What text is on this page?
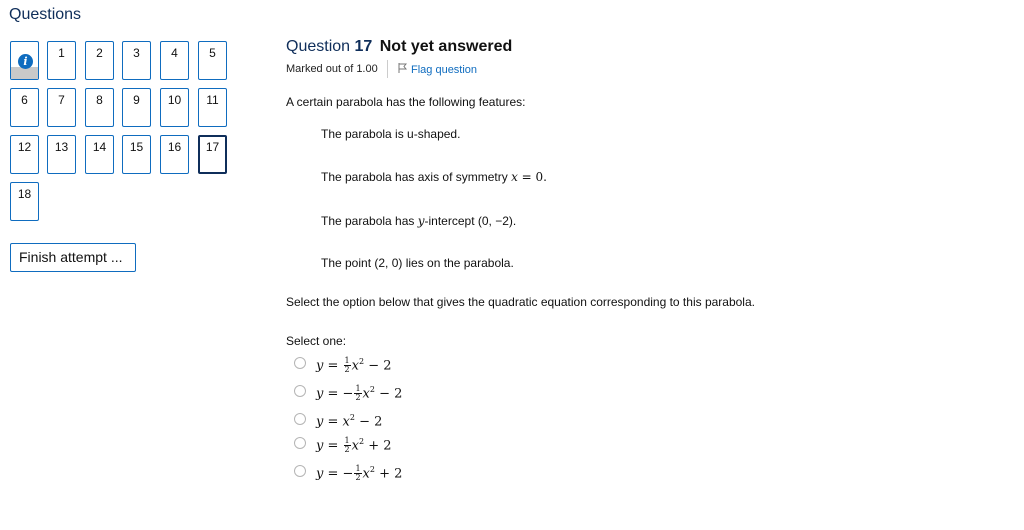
Questions
i
1	2	3	4	5
6	7	8	9	10	11
12	13	14	15	16	17
18
Finish attempt ...
Question 17 Not yet answered
Marked out of 1.00	Flag question
A certain parabola has the following features:
The parabola is u-shaped.
The parabola has axis of symmetry x = 0.
The parabola has y-intercept (0, −2).
The point (2, 0) lies on the parabola.
Select the option below that gives the quadratic equation corresponding to this parabola.
Select one:
$y = \frac{1}{2} x^2 - 2$
y = − $\frac{1}{2} x^2 - 2$
$y = x^2 - 2$
$y = \frac{1}{2} x^2 + 2$
y = − $\frac{1}{2} x^2 + 2$
